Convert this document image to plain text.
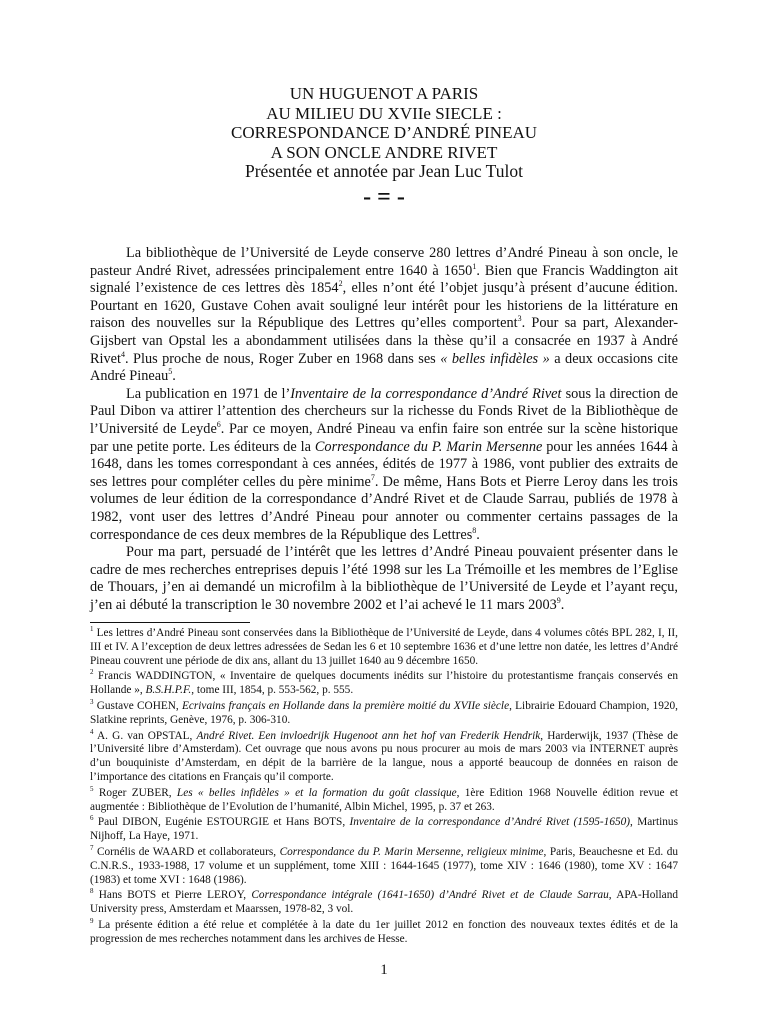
UN HUGUENOT A PARIS
AU MILIEU DU XVIIe SIECLE :
CORRESPONDANCE D’ANDRÉ PINEAU
A SON ONCLE ANDRE RIVET
Présentée et annotée par Jean Luc Tulot
- = -

La bibliothèque de l’Université de Leyde conserve 280 lettres d’André Pineau à son oncle, le pasteur André Rivet, adressées principalement entre 1640 à 1650$^1$. Bien que Francis Waddington ait signalé l’existence de ces lettres dès 1854$^2$, elles n’ont été l’objet jusqu’à présent d’aucune édition. Pourtant en 1620, Gustave Cohen avait souligné leur intérêt pour les historiens de la littérature en raison des nouvelles sur la République des Lettres qu’elles comportent$^3$. Pour sa part, Alexander-Gijsbert van Opstal les a abondamment utilisées dans la thèse qu’il a consacrée en 1937 à André Rivet$^4$. Plus proche de nous, Roger Zuber en 1968 dans ses « belles infidèles » a deux occasions cite André Pineau$^5$.

La publication en 1971 de l’Inventaire de la correspondance d’André Rivet sous la direction de Paul Dibon va attirer l’attention des chercheurs sur la richesse du Fonds Rivet de la Bibliothèque de l’Université de Leyde$^6$. Par ce moyen, André Pineau va enfin faire son entrée sur la scène historique par une petite porte. Les éditeurs de la Correspondance du P. Marin Mersenne pour les années 1644 à 1648, dans les tomes correspondant à ces années, édités de 1977 à 1986, vont publier des extraits de ses lettres pour compléter celles du père minime$^7$. De même, Hans Bots et Pierre Leroy dans les trois volumes de leur édition de la correspondance d’André Rivet et de Claude Sarrau, publiés de 1978 à 1982, vont user des lettres d’André Pineau pour annoter ou commenter certains passages de la correspondance de ces deux membres de la République des Lettres$^8$.

Pour ma part, persuadé de l’intérêt que les lettres d’André Pineau pouvaient présenter dans le cadre de mes recherches entreprises depuis l’été 1998 sur les La Trémoille et les membres de l’Eglise de Thouars, j’en ai demandé un microfilm à la bibliothèque de l’Université de Leyde et l’ayant reçu, j’en ai débuté la transcription le 30 novembre 2002 et l’ai achevé le 11 mars 2003$^9$.

$^1$ Les lettres d’André Pineau sont conservées dans la Bibliothèque de l’Université de Leyde, dans 4 volumes côtés BPL 282, I, II, III et IV. A l’exception de deux lettres adressées de Sedan les 6 et 10 septembre 1636 et d’une lettre non datée, les lettres d’André Pineau couvrent une période de dix ans, allant du 13 juillet 1640 au 9 décembre 1650.
$^2$ Francis WADDINGTON, « Inventaire de quelques documents inédits sur l’histoire du protestantisme français conservés en Hollande », B.S.H.P.F., tome III, 1854, p. 553-562, p. 555.
$^3$ Gustave COHEN, Ecrivains français en Hollande dans la première moitié du XVIIe siècle, Librairie Edouard Champion, 1920, Slatkine reprints, Genève, 1976, p. 306-310.
$^4$ A. G. van OPSTAL, André Rivet. Een invloedrijk Hugenoot ann het hof van Frederik Hendrik, Harderwijk, 1937 (Thèse de l’Université libre d’Amsterdam). Cet ouvrage que nous avons pu nous procurer au mois de mars 2003 via INTERNET auprès d’un bouquiniste d’Amsterdam, en dépit de la barrière de la langue, nous a apporté beaucoup de données en raison de l’importance des citations en Français qu’il comporte.
$^5$ Roger ZUBER, Les « belles infidèles » et la formation du goût classique, 1ère Edition 1968 Nouvelle édition revue et augmentée : Bibliothèque de l’Evolution de l’humanité, Albin Michel, 1995, p. 37 et 263.
$^6$ Paul DIBON, Eugénie ESTOURGIE et Hans BOTS, Inventaire de la correspondance d’André Rivet (1595-1650), Martinus Nijhoff, La Haye, 1971.
$^7$ Cornélis de WAARD et collaborateurs, Correspondance du P. Marin Mersenne, religieux minime, Paris, Beauchesne et Ed. du C.N.R.S., 1933-1988, 17 volume et un supplément, tome XIII : 1644-1645 (1977), tome XIV : 1646 (1980), tome XV : 1647 (1983) et tome XVI : 1648 (1986).
$^8$ Hans BOTS et Pierre LEROY, Correspondance intégrale (1641-1650) d’André Rivet et de Claude Sarrau, APA-Holland University press, Amsterdam et Maarssen, 1978-82, 3 vol.
$^9$ La présente édition a été relue et complétée à la date du 1er juillet 2012 en fonction des nouveaux textes édités et de la progression de mes recherches notamment dans les archives de Hesse.
1
